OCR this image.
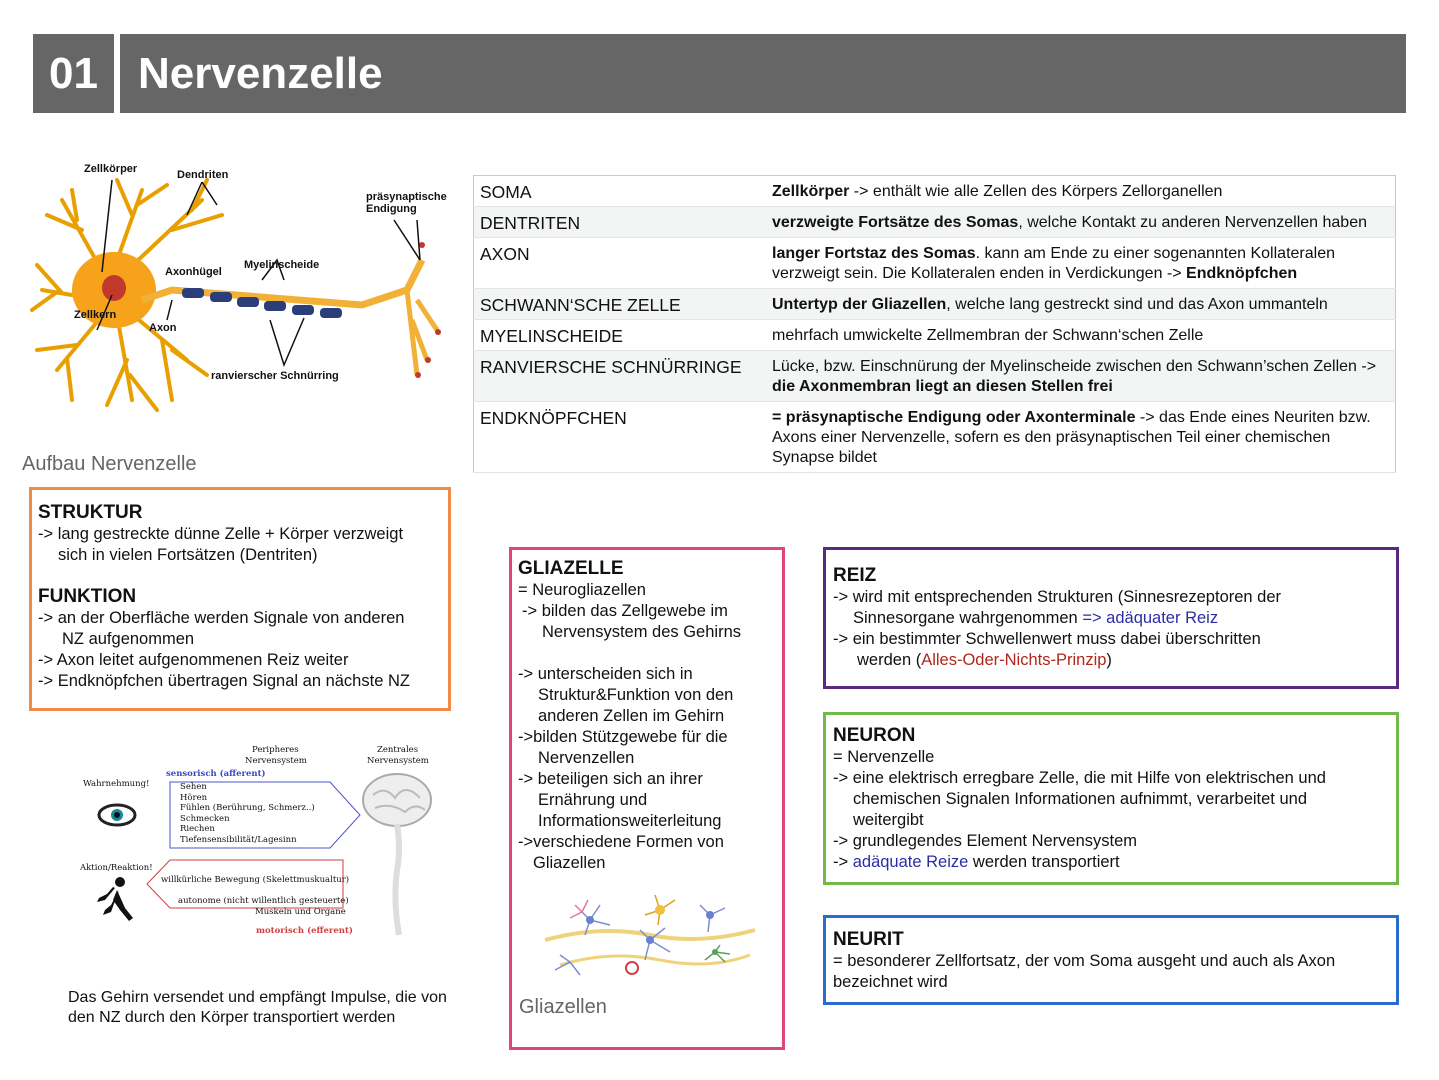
01 Nervenzelle
Zellkörper	Dendriten
präsynaptische
Endigung
Axonhügel
Myelinscheide
Zellkern
Axon
ranvierscher Schnürring
Aufbau Nervenzelle
SOMA	Zellkörper -> enthält wie alle Zellen des Körpers Zellorganellen
DENTRITEN	verzweigte Fortsätze des Somas, welche Kontakt zu anderen Nervenzellen haben
AXON	langer Fortstaz des Somas. kann am Ende zu einer sogenannten Kollateralen verzweigt sein. Die Kollateralen enden in Verdickungen -> Endknöpfchen
SCHWANN‘SCHE ZELLE	Untertyp der Gliazellen, welche lang gestreckt sind und das Axon ummanteln
MYELINSCHEIDE	mehrfach umwickelte Zellmembran der Schwann‘schen Zelle
RANVIERSCHE SCHNÜRRINGE	Lücke, bzw. Einschnürung der Myelinscheide zwischen den Schwann’schen Zellen -> die Axonmembran liegt an diesen Stellen frei
ENDKNÖPFCHEN	= präsynaptische Endigung oder Axonterminale -> das Ende eines Neuriten bzw. Axons einer Nervenzelle, sofern es den präsynaptischen Teil einer chemischen Synapse bildet
STRUKTUR

-> lang gestreckte dünne Zelle + Körper verzweigt

sich in vielen Fortsätzen (Dentriten)

FUNKTION

-> an der Oberfläche werden Signale von anderen

NZ aufgenommen

-> Axon leitet aufgenommenen Reiz weiter

-> Endknöpfchen übertragen Signal an nächste NZ

Peripheres
Nervensystem
Zentrales
Nervensystem
Wahrnehmung!
sensorisch (afferent)
Sehen
Hören
Fühlen (Berührung, Schmerz..)
Schmecken
Riechen
Tiefensensibilität/Lagesinn
Aktion/Reaktion!
willkürliche Bewegung (Skelettmuskualtur)
autonome (nicht willentlich gesteuerte)
Muskeln und Organe
motorisch (efferent)
Das Gehirn versendet und empfängt Impulse, die von den NZ durch den Körper transportiert werden
GLIAZELLE

= Neurogliazellen

-> bilden das Zellgewebe im

Nervensystem des Gehirns

-> unterscheiden sich in

Struktur&Funktion von den

anderen Zellen im Gehirn

->bilden Stützgewebe für die

Nervenzellen

-> beteiligen sich an ihrer

Ernährung und

Informationsweiterleitung

->verschiedene Formen von

Gliazellen

Gliazellen
REIZ

-> wird mit entsprechenden Strukturen (Sinnesrezeptoren der

Sinnesorgane wahrgenommen => adäquater Reiz

-> ein bestimmter Schwellenwert muss dabei überschritten

werden (Alles-Oder-Nichts-Prinzip)

NEURON

= Nervenzelle

-> eine elektrisch erregbare Zelle, die mit Hilfe von elektrischen und

chemischen Signalen Informationen aufnimmt, verarbeitet und

weitergibt

-> grundlegendes Element Nervensystem

-> adäquate Reize werden transportiert

NEURIT

= besonderer Zellfortsatz, der vom Soma ausgeht und auch als Axon

bezeichnet wird
